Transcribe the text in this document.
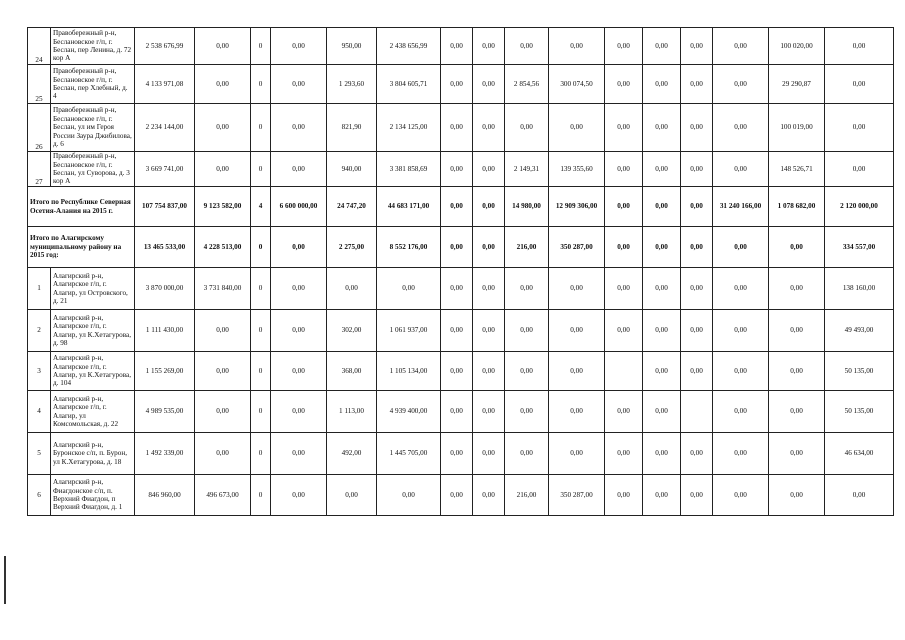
24	Правобережный р-н, Беслановское г/п, г. Беслан, пер Ленина, д. 72 кор А	2 538 676,99	0,00	0	0,00	950,00	2 438 656,99	0,00	0,00	0,00	0,00	0,00	0,00	0,00	0,00	100 020,00	0,00
25	Правобережный р-н, Беслановское г/п, г. Беслан, пер Хлебный, д. 4	4 133 971,08	0,00	0	0,00	1 293,60	3 804 605,71	0,00	0,00	2 854,56	300 074,50	0,00	0,00	0,00	0,00	29 290,87	0,00
26	Правобережный р-н, Беслановское г/п, г. Беслан, ул им Героя России Заура Джибилова, д. 6	2 234 144,00	0,00	0	0,00	821,90	2 134 125,00	0,00	0,00	0,00	0,00	0,00	0,00	0,00	0,00	100 019,00	0,00
27	Правобережный р-н, Беслановское г/п, г. Беслан, ул Суворова, д. 3 кор А	3 669 741,00	0,00	0	0,00	940,00	3 381 858,69	0,00	0,00	2 149,31	139 355,60	0,00	0,00	0,00	0,00	148 526,71	0,00
Итого по Республике Северная Осетия-Алания на 2015 г.		107 754 837,00	9 123 582,00	4	6 600 000,00	24 747,20	44 683 171,00	0,00	0,00	14 980,00	12 909 306,00	0,00	0,00	0,00	31 240 166,00	1 078 682,00	2 120 000,00
Итого по Алагирскому муниципальному району на 2015 год:		13 465 533,00	4 228 513,00	0	0,00	2 275,00	8 552 176,00	0,00	0,00	216,00	350 287,00	0,00	0,00	0,00	0,00	0,00	334 557,00
1	Алагирский р-н, Алагирское г/п, г. Алагир, ул Островского, д. 21	3 870 000,00	3 731 840,00	0	0,00	0,00	0,00	0,00	0,00	0,00	0,00	0,00	0,00	0,00	0,00	0,00	138 160,00
2	Алагирский р-н, Алагирское г/п, г. Алагир, ул К.Хетагурова, д. 98	1 111 430,00	0,00	0	0,00	302,00	1 061 937,00	0,00	0,00	0,00	0,00	0,00	0,00	0,00	0,00	0,00	49 493,00
3	Алагирский р-н, Алагирское г/п, г. Алагир, ул К.Хетагурова, д. 104	1 155 269,00	0,00	0	0,00	368,00	1 105 134,00	0,00	0,00	0,00	0,00		0,00	0,00	0,00	0,00	50 135,00
4	Алагирский р-н, Алагирское г/п, г. Алагир, ул Комсомольская, д. 22	4 989 535,00	0,00	0	0,00	1 113,00	4 939 400,00	0,00	0,00	0,00	0,00	0,00	0,00		0,00	0,00	50 135,00
5	Алагирский р-н, Буронское с/п, п. Бурон, ул К.Хетагурова, д. 18	1 492 339,00	0,00	0	0,00	492,00	1 445 705,00	0,00	0,00	0,00	0,00	0,00	0,00	0,00	0,00	0,00	46 634,00
6	Алагирский р-н, Фиагдонское с/п, п. Верхний Фиагдон, п Верхний Фиагдон, д. 1	846 960,00	496 673,00	0	0,00	0,00	0,00	0,00	0,00	216,00	350 287,00	0,00	0,00	0,00	0,00	0,00	0,00
